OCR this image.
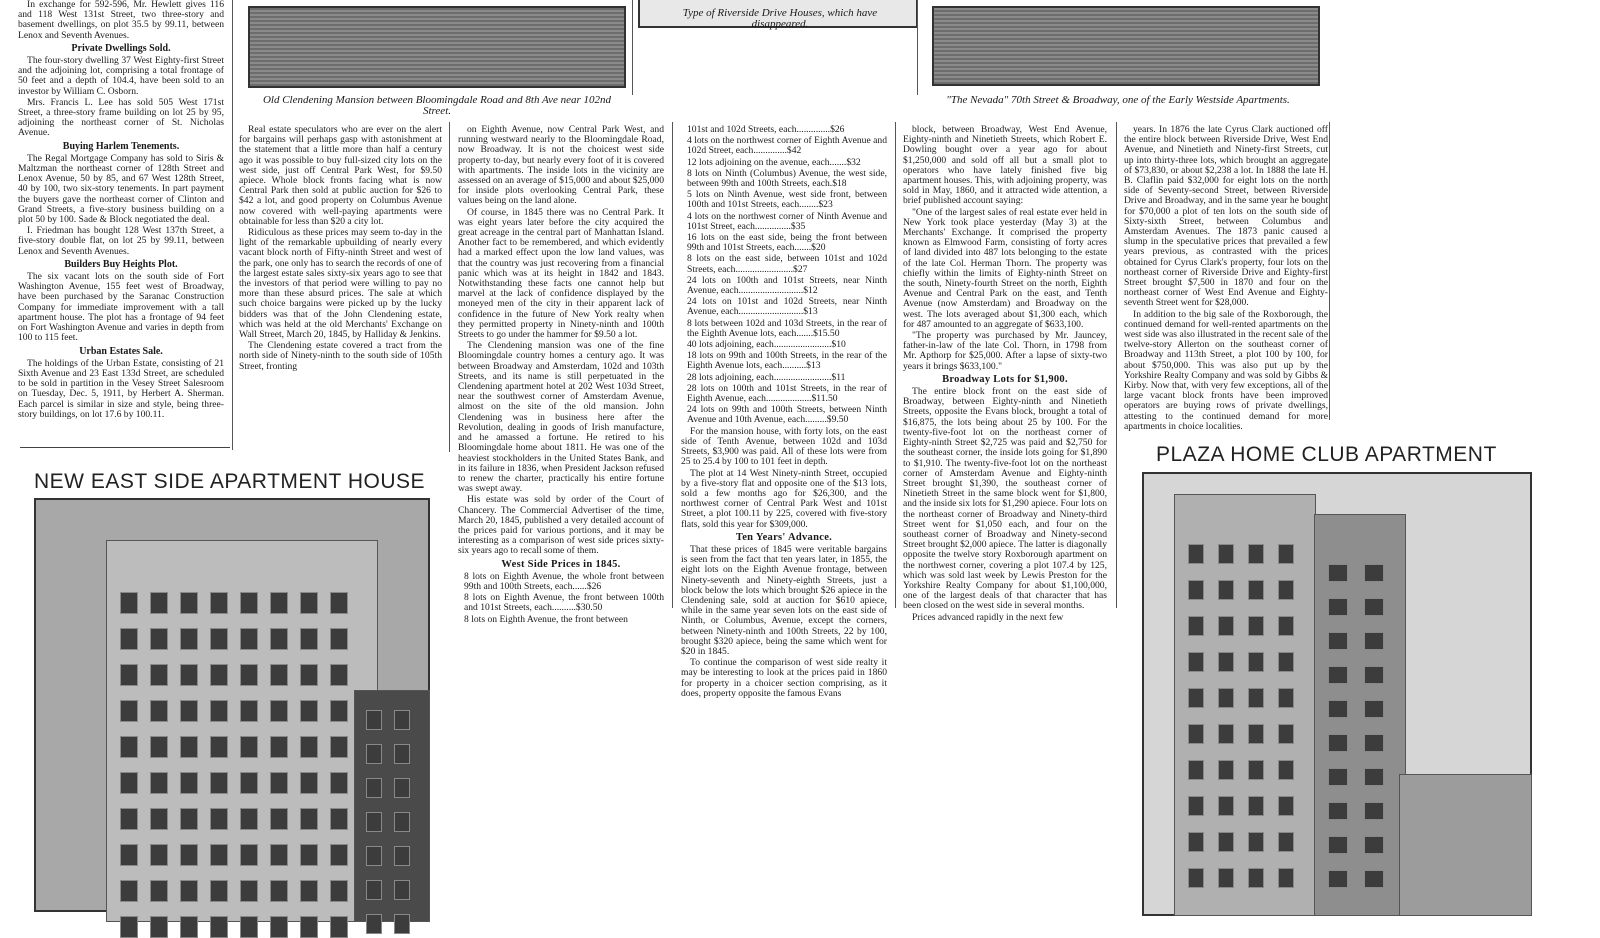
In exchange for 592-596, Mr. Hewlett gives 116 and 118 West 131st Street, two three-story and basement dwellings, on plot 35.5 by 99.11, between Lenox and Seventh Avenues.

Private Dwellings Sold.

The four-story dwelling 37 West Eighty-first Street and the adjoining lot, comprising a total frontage of 50 feet and a depth of 104.4, have been sold to an investor by William C. Osborn.

Mrs. Francis L. Lee has sold 505 West 171st Street, a three-story frame building on lot 25 by 95, adjoining the northeast corner of St. Nicholas Avenue.

Buying Harlem Tenements.

The Regal Mortgage Company has sold to Siris & Maltzman the northeast corner of 128th Street and Lenox Avenue, 50 by 85, and 67 West 128th Street, 40 by 100, two six-story tenements. In part payment the buyers gave the northeast corner of Clinton and Grand Streets, a five-story business building on a plot 50 by 100. Sade & Block negotiated the deal.

I. Friedman has bought 128 West 137th Street, a five-story double flat, on lot 25 by 99.11, between Lenox and Seventh Avenues.

Builders Buy Heights Plot.

The six vacant lots on the south side of Fort Washington Avenue, 155 feet west of Broadway, have been purchased by the Saranac Construction Company for immediate improvement with a tall apartment house. The plot has a frontage of 94 feet on Fort Washington Avenue and varies in depth from 100 to 115 feet.

Urban Estates Sale.

The holdings of the Urban Estate, consisting of 21 Sixth Avenue and 23 East 133d Street, are scheduled to be sold in partition in the Vesey Street Salesroom on Tuesday, Dec. 5, 1911, by Herbert A. Sherman. Each parcel is similar in size and style, being three-story buildings, on lot 17.6 by 100.11.

Old Clendening Mansion between Bloomingdale Road and 8th Ave near 102nd Street.
Type of Riverside Drive Houses, which have disappeared.
"The Nevada" 70th Street & Broadway, one of the Early Westside Apartments.

Real estate speculators who are ever on the alert for bargains will perhaps gasp with astonishment at the statement that a little more than half a century ago it was possible to buy full-sized city lots on the west side, just off Central Park West, for $9.50 apiece. Whole block fronts facing what is now Central Park then sold at public auction for $26 to $42 a lot, and good property on Columbus Avenue now covered with well-paying apartments were obtainable for less than $20 a city lot.

Ridiculous as these prices may seem to-day in the light of the remarkable upbuilding of nearly every vacant block north of Fifty-ninth Street and west of the park, one only has to search the records of one of the largest estate sales sixty-six years ago to see that the investors of that period were willing to pay no more than these absurd prices. The sale at which such choice bargains were picked up by the lucky bidders was that of the John Clendening estate, which was held at the old Merchants' Exchange on Wall Street, March 20, 1845, by Halliday & Jenkins.

The Clendening estate covered a tract from the north side of Ninety-ninth to the south side of 105th Street, fronting

on Eighth Avenue, now Central Park West, and running westward nearly to the Bloomingdale Road, now Broadway. It is not the choicest west side property to-day, but nearly every foot of it is covered with apartments. The inside lots in the vicinity are assessed on an average of $15,000 and about $25,000 for inside plots overlooking Central Park, these values being on the land alone.

Of course, in 1845 there was no Central Park. It was eight years later before the city acquired the great acreage in the central part of Manhattan Island. Another fact to be remembered, and which evidently had a marked effect upon the low land values, was that the country was just recovering from a financial panic which was at its height in 1842 and 1843. Notwithstanding these facts one cannot help but marvel at the lack of confidence displayed by the moneyed men of the city in their apparent lack of confidence in the future of New York realty when they permitted property in Ninety-ninth and 100th Streets to go under the hammer for $9.50 a lot.

The Clendening mansion was one of the fine Bloomingdale country homes a century ago. It was between Broadway and Amsterdam, 102d and 103th Streets, and its name is still perpetuated in the Clendening apartment hotel at 202 West 103d Street, near the southwest corner of Amsterdam Avenue, almost on the site of the old mansion. John Clendening was in business here after the Revolution, dealing in goods of Irish manufacture, and he amassed a fortune. He retired to his Bloomingdale home about 1811. He was one of the heaviest stockholders in the United States Bank, and in its failure in 1836, when President Jackson refused to renew the charter, practically his entire fortune was swept away.

His estate was sold by order of the Court of Chancery. The Commercial Advertiser of the time, March 20, 1845, published a very detailed account of the prices paid for various portions, and it may be interesting as a comparison of west side prices sixty-six years ago to recall some of them.

West Side Prices in 1845.

8 lots on Eighth Avenue, the whole front between 99th and 100th Streets, each......$26

8 lots on Eighth Avenue, the front between 100th and 101st Streets, each..........$30.50

8 lots on Eighth Avenue, the front between

101st and 102d Streets, each..............$26

4 lots on the northwest corner of Eighth Avenue and 102d Street, each..............$42

12 lots adjoining on the avenue, each.......$32

8 lots on Ninth (Columbus) Avenue, the west side, between 99th and 100th Streets, each.$18

5 lots on Ninth Avenue, west side front, between 100th and 101st Streets, each........$23

4 lots on the northwest corner of Ninth Avenue and 101st Street, each...............$35

16 lots on the east side, being the front between 99th and 101st Streets, each.......$20

8 lots on the east side, between 101st and 102d Streets, each........................$27

24 lots on 100th and 101st Streets, near Ninth Avenue, each...........................$12

24 lots on 101st and 102d Streets, near Ninth Avenue, each...........................$13

8 lots between 102d and 103d Streets, in the rear of the Eighth Avenue lots, each.......$15.50

40 lots adjoining, each........................$10

18 lots on 99th and 100th Streets, in the rear of the Eighth Avenue lots, each..........$13

28 lots adjoining, each........................$11

28 lots on 100th and 101st Streets, in the rear of Eighth Avenue, each...................$11.50

24 lots on 99th and 100th Streets, between Ninth Avenue and 10th Avenue, each.........$9.50

For the mansion house, with forty lots, on the east side of Tenth Avenue, between 102d and 103d Streets, $3,900 was paid. All of these lots were from 25 to 25.4 by 100 to 101 feet in depth.

The plot at 14 West Ninety-ninth Street, occupied by a five-story flat and opposite one of the $13 lots, sold a few months ago for $26,300, and the northwest corner of Central Park West and 101st Street, a plot 100.11 by 225, covered with five-story flats, sold this year for $309,000.

Ten Years' Advance.

That these prices of 1845 were veritable bargains is seen from the fact that ten years later, in 1855, the eight lots on the Eighth Avenue frontage, between Ninety-seventh and Ninety-eighth Streets, just a block below the lots which brought $26 apiece in the Clendening sale, sold at auction for $610 apiece, while in the same year seven lots on the east side of Ninth, or Columbus, Avenue, except the corners, between Ninety-ninth and 100th Streets, 22 by 100, brought $320 apiece, being the same which went for $20 in 1845.

To continue the comparison of west side realty it may be interesting to look at the prices paid in 1860 for property in a choicer section comprising, as it does, property opposite the famous Evans

block, between Broadway, West End Avenue, Eighty-ninth and Ninetieth Streets, which Robert E. Dowling bought over a year ago for about $1,250,000 and sold off all but a small plot to operators who have lately finished five big apartment houses. This, with adjoining property, was sold in May, 1860, and it attracted wide attention, a brief published account saying:

"One of the largest sales of real estate ever held in New York took place yesterday (May 3) at the Merchants' Exchange. It comprised the property known as Elmwood Farm, consisting of forty acres of land divided into 487 lots belonging to the estate of the late Col. Herman Thorn. The property was chiefly within the limits of Eighty-ninth Street on the south, Ninety-fourth Street on the north, Eighth Avenue and Central Park on the east, and Tenth Avenue (now Amsterdam) and Broadway on the west. The lots averaged about $1,300 each, which for 487 amounted to an aggregate of $633,100.

"The property was purchased by Mr. Jauncey, father-in-law of the late Col. Thorn, in 1798 from Mr. Apthorp for $25,000. After a lapse of sixty-two years it brings $633,100."

Broadway Lots for $1,900.

The entire block front on the east side of Broadway, between Eighty-ninth and Ninetieth Streets, opposite the Evans block, brought a total of $16,875, the lots being about 25 by 100. For the twenty-five-foot lot on the northeast corner of Eighty-ninth Street $2,725 was paid and $2,750 for the southeast corner, the inside lots going for $1,890 to $1,910. The twenty-five-foot lot on the northeast corner of Amsterdam Avenue and Eighty-ninth Street brought $1,390, the southeast corner of Ninetieth Street in the same block went for $1,800, and the inside six lots for $1,290 apiece. Four lots on the northeast corner of Broadway and Ninety-third Street went for $1,050 each, and four on the southeast corner of Broadway and Ninety-second Street brought $2,000 apiece. The latter is diagonally opposite the twelve story Roxborough apartment on the northwest corner, covering a plot 107.4 by 125, which was sold last week by Lewis Preston for the Yorkshire Realty Company for about $1,100,000, one of the largest deals of that character that has been closed on the west side in several months.

Prices advanced rapidly in the next few

years. In 1876 the late Cyrus Clark auctioned off the entire block between Riverside Drive, West End Avenue, and Ninetieth and Ninety-first Streets, cut up into thirty-three lots, which brought an aggregate of $73,830, or about $2,238 a lot. In 1888 the late H. B. Claflin paid $32,000 for eight lots on the north side of Seventy-second Street, between Riverside Drive and Broadway, and in the same year he bought for $70,000 a plot of ten lots on the south side of Sixty-sixth Street, between Columbus and Amsterdam Avenues. The 1873 panic caused a slump in the speculative prices that prevailed a few years previous, as contrasted with the prices obtained for Cyrus Clark's property, four lots on the northeast corner of Riverside Drive and Eighty-first Street brought $7,500 in 1870 and four on the northeast corner of West End Avenue and Eighty-seventh Street went for $28,000.

In addition to the big sale of the Roxborough, the continued demand for well-rented apartments on the west side was also illustrated in the recent sale of the twelve-story Allerton on the southeast corner of Broadway and 113th Street, a plot 100 by 100, for about $750,000. This was also put up by the Yorkshire Realty Company and was sold by Gibbs & Kirby. Now that, with very few exceptions, all of the large vacant block fronts have been improved operators are buying rows of private dwellings, attesting to the continued demand for more apartments in choice localities.

NEW EAST SIDE APARTMENT HOUSE
PLAZA HOME CLUB APARTMENT
